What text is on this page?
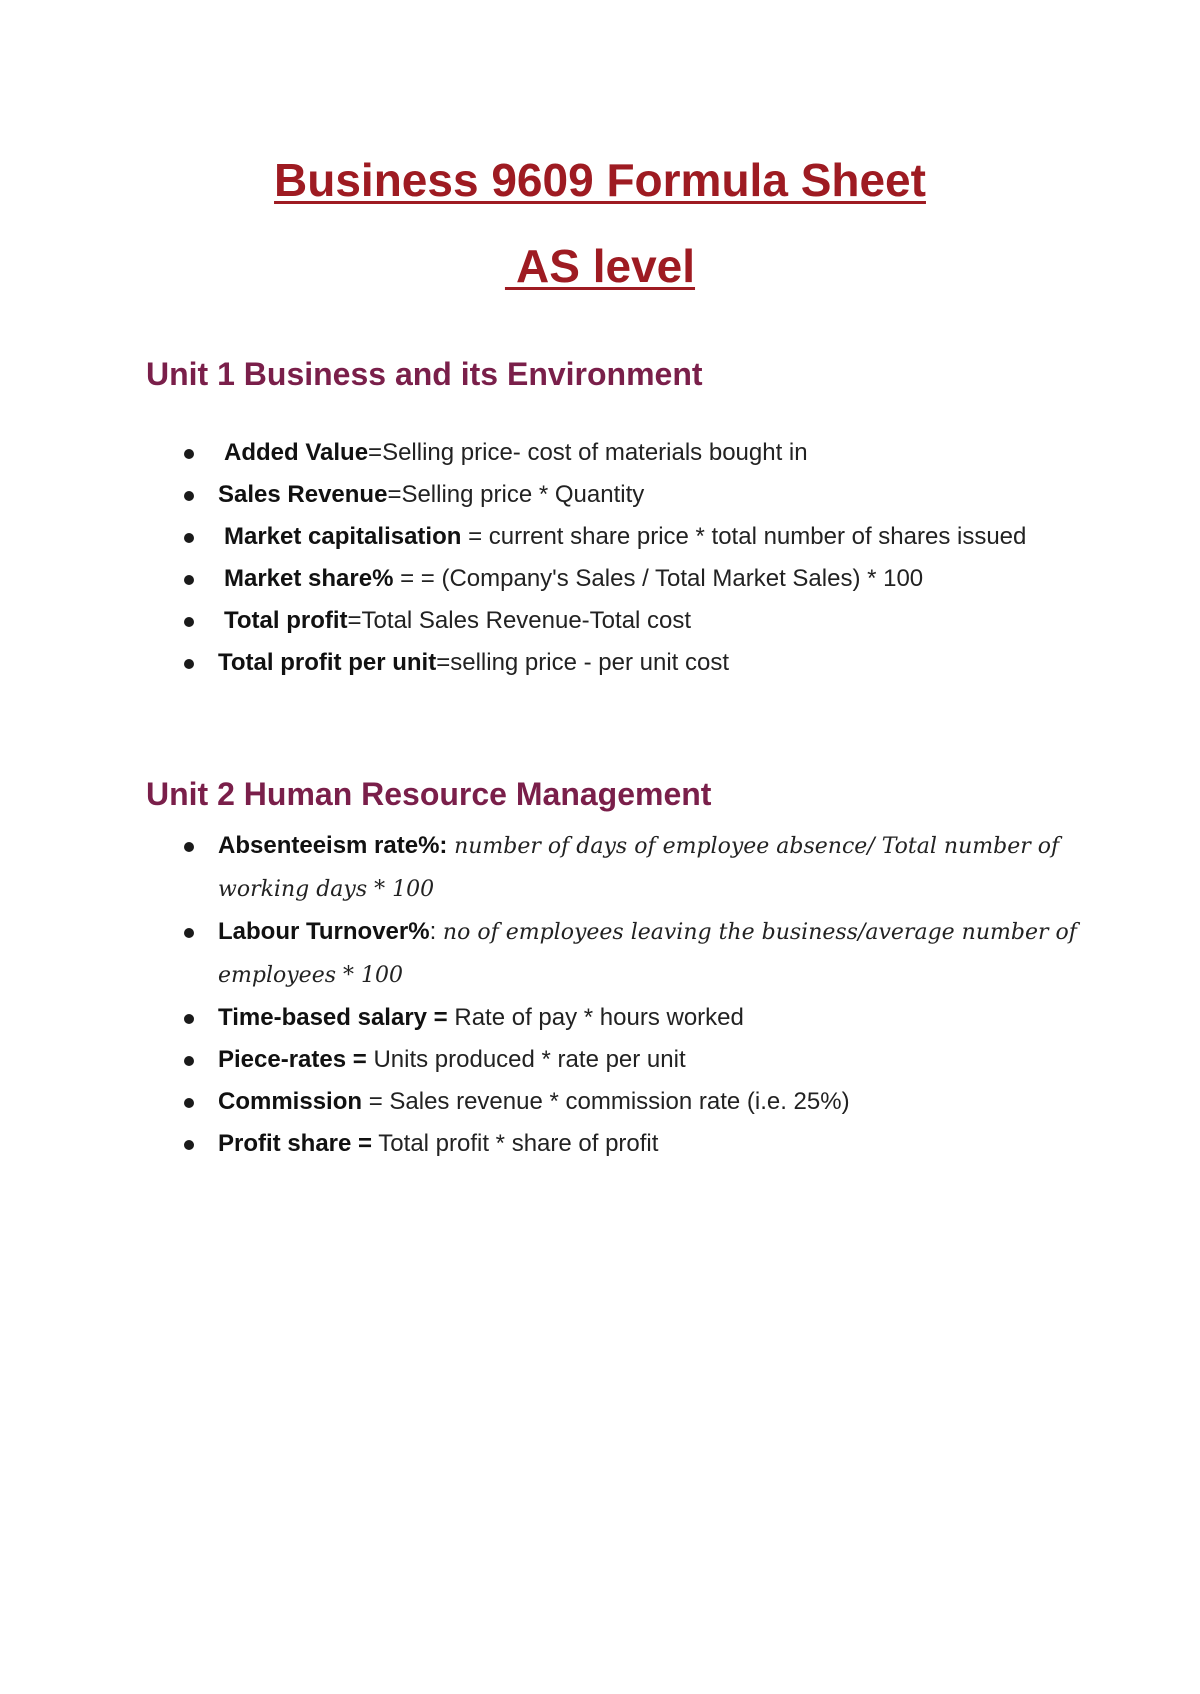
Business 9609 Formula Sheet
AS level
Unit 1 Business and its Environment
Added Value=Selling price- cost of materials bought in
Sales Revenue=Selling price * Quantity
Market capitalisation = current share price * total number of shares issued
Market share% = = (Company's Sales / Total Market Sales) * 100
Total profit=Total Sales Revenue-Total cost
Total profit per unit=selling price - per unit cost
Unit 2 Human Resource Management
Absenteeism rate%: number of days of employee absence/ Total number of working days * 100
Labour Turnover%: no of employees leaving the business/average number of employees * 100
Time-based salary = Rate of pay * hours worked
Piece-rates = Units produced * rate per unit
Commission = Sales revenue * commission rate (i.e. 25%)
Profit share = Total profit * share of profit
